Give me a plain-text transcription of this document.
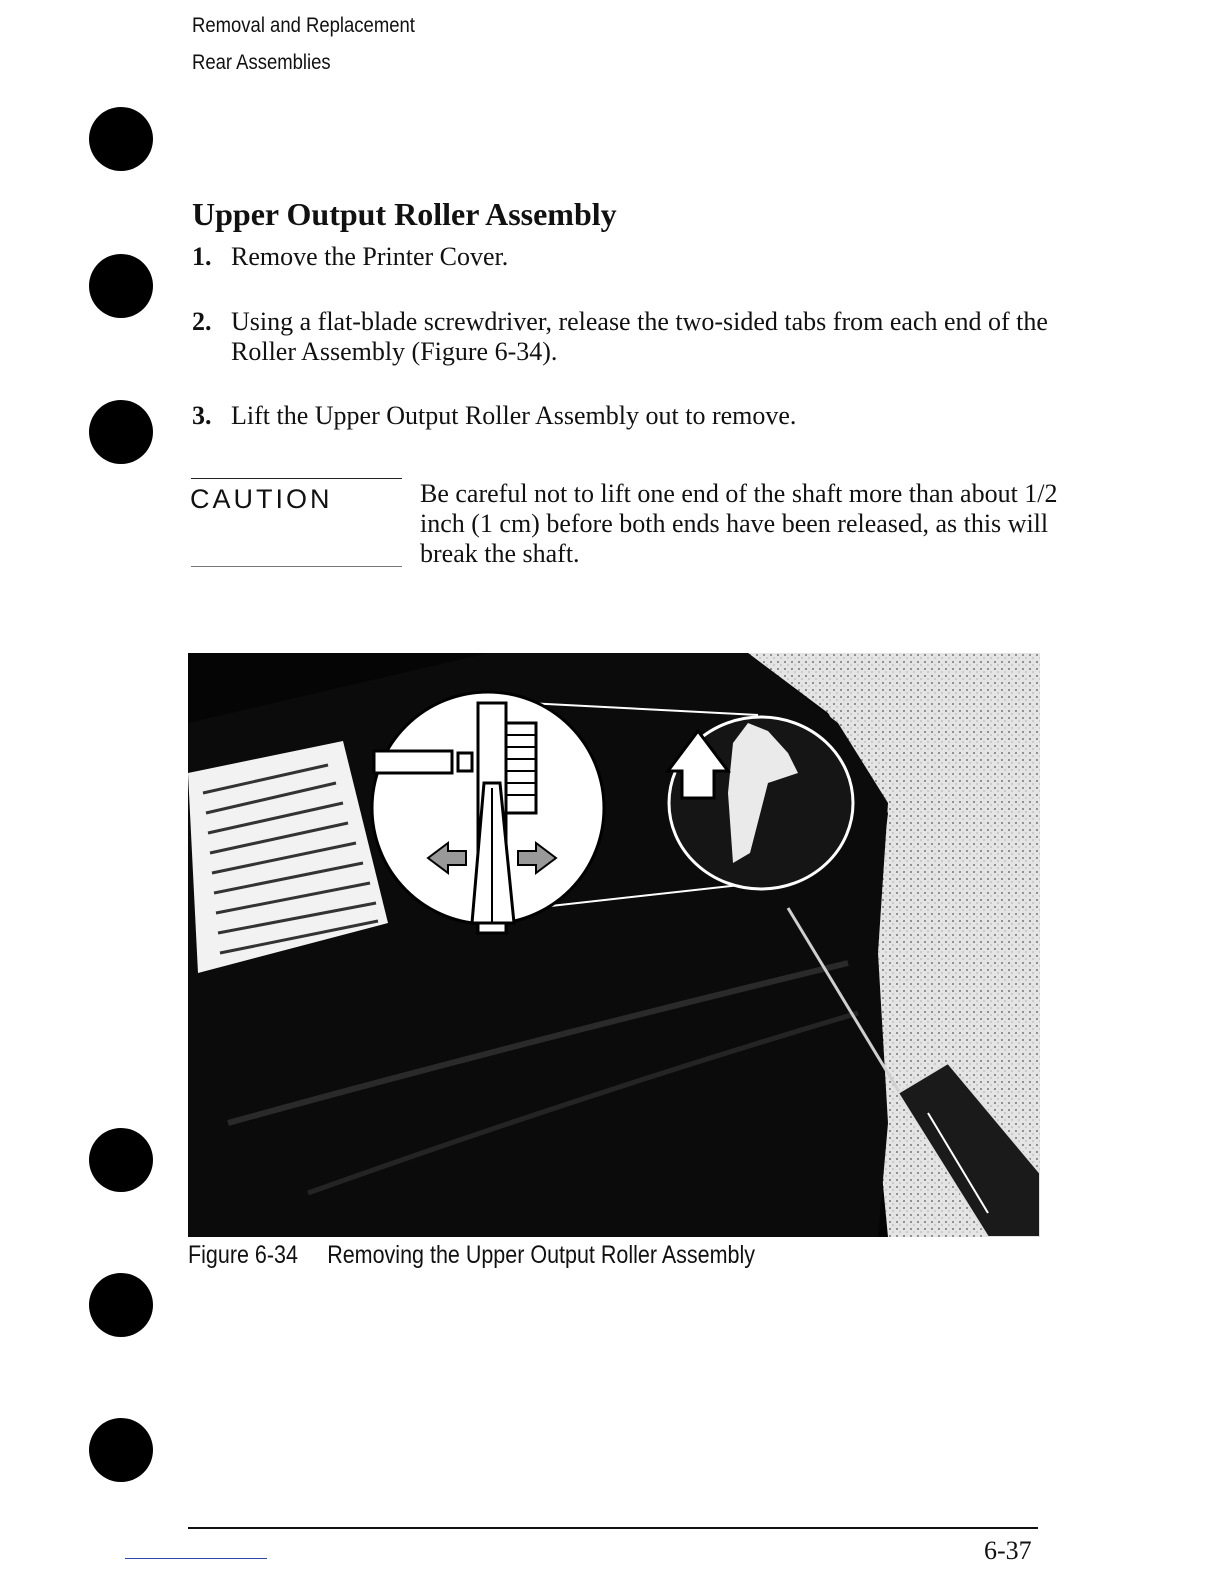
Removal and Replacement
Rear Assemblies
Upper Output Roller Assembly
1. Remove the Printer Cover.
2. Using a flat-blade screwdriver, release the two-sided tabs from each end of the Roller Assembly (Figure 6-34).
3. Lift the Upper Output Roller Assembly out to remove.
CAUTION	Be careful not to lift one end of the shaft more than about 1/2 inch (1 cm) before both ends have been released, as this will break the shaft.
Figure 6-34 Removing the Upper Output Roller Assembly
6-37
